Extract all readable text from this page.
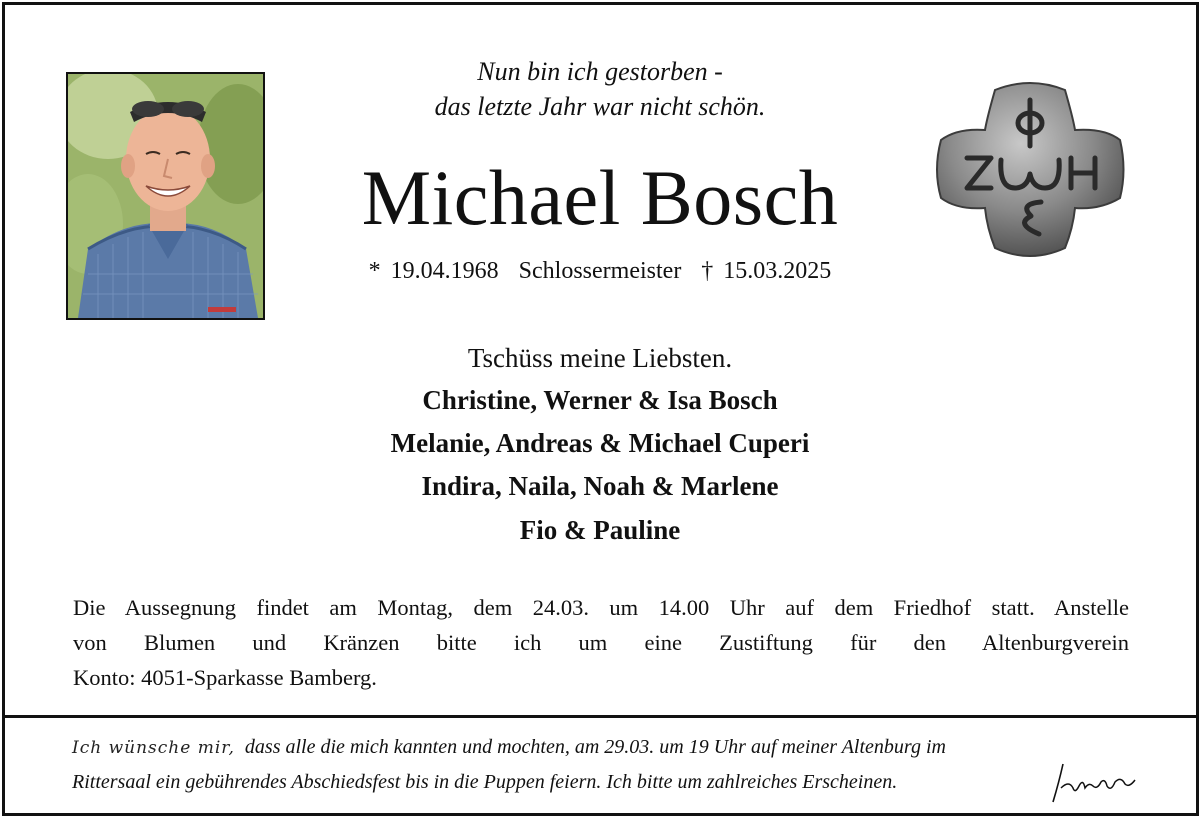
Nun bin ich gestorben -
das letzte Jahr war nicht schön.
Michael Bosch
* 19.04.1968  Schlossermeister  † 15.03.2025
Tschüss meine Liebsten.
Christine, Werner & Isa Bosch
Melanie, Andreas & Michael Cuperi
Indira, Naila, Noah & Marlene
Fio & Pauline
Die Aussegnung findet am Montag, dem 24.03. um 14.00 Uhr auf dem Friedhof statt. Anstelle
von Blumen und Kränzen bitte ich um eine Zustiftung für den Altenburgverein
Konto: 4051-Sparkasse Bamberg.
Ich wünsche mir, dass alle die mich kannten und mochten, am 29.03. um 19 Uhr auf meiner Altenburg im
Rittersaal ein gebührendes Abschiedsfest bis in die Puppen feiern. Ich bitte um zahlreiches Erscheinen.
